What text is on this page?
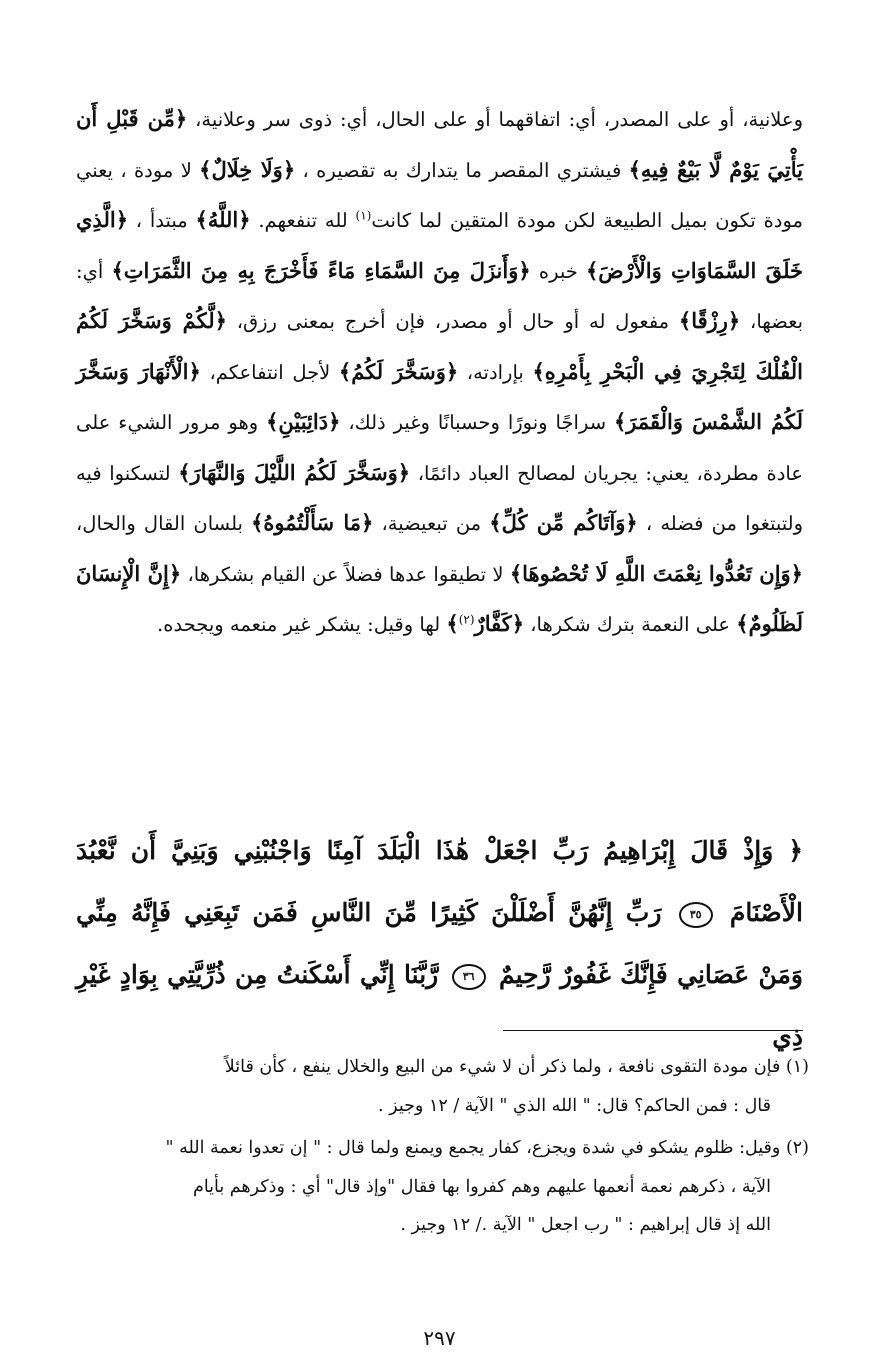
وعلانية، أو على المصدر، أي: اتفاقهما أو على الحال، أي: ذوى سر وعلانية، ﴿مِّن قَبْلِ أَن يَأْتِيَ يَوْمٌ لَّا بَيْعٌ فِيهِ﴾ فيشتري المقصر ما يتدارك به تقصيره ، ﴿وَلَا خِلَالٌ﴾ لا مودة ، يعني مودة تكون بميل الطبيعة لكن مودة المتقين لما كانت$^{(١)}$ لله تنفعهم. ﴿اللَّهُ﴾ مبتدأ ، ﴿الَّذِي خَلَقَ السَّمَاوَاتِ وَالْأَرْضَ﴾ خبره ﴿وَأَنزَلَ مِنَ السَّمَاءِ مَاءً فَأَخْرَجَ بِهِ مِنَ الثَّمَرَاتِ﴾ أي: بعضها، ﴿رِزْقًا﴾ مفعول له أو حال أو مصدر، فإن أخرج بمعنى رزق، ﴿لَّكُمْ وَسَخَّرَ لَكُمُ الْفُلْكَ لِتَجْرِيَ فِي الْبَحْرِ بِأَمْرِهِ﴾ بإرادته، ﴿وَسَخَّرَ لَكُمُ﴾ لأجل انتفاعكم، ﴿الْأَنْهَارَ وَسَخَّرَ لَكُمُ الشَّمْسَ وَالْقَمَرَ﴾ سراجًا ونورًا وحسبانًا وغير ذلك، ﴿دَائِبَيْنِ﴾ وهو مرور الشيء على عادة مطردة، يعني: يجريان لمصالح العباد دائمًا، ﴿وَسَخَّرَ لَكُمُ اللَّيْلَ وَالنَّهَارَ﴾ لتسكنوا فيه ولتبتغوا من فضله ، ﴿وَآتَاكُم مِّن كُلِّ﴾ من تبعيضية، ﴿مَا سَأَلْتُمُوهُ﴾ بلسان القال والحال، ﴿وَإِن تَعُدُّوا نِعْمَتَ اللَّهِ لَا تُحْصُوهَا﴾ لا تطيقوا عدها فضلاً عن القيام بشكرها، ﴿إِنَّ الْإِنسَانَ لَظَلُومٌ﴾ على النعمة بترك شكرها، ﴿كَفَّارٌ$^{(٢)}$﴾ لها وقيل: يشكر غير منعمه ويجحده.
﴿ وَإِذْ قَالَ إِبْرَاهِيمُ رَبِّ اجْعَلْ هَٰذَا الْبَلَدَ آمِنًا وَاجْنُبْنِي وَبَنِيَّ أَن نَّعْبُدَ الْأَصْنَامَ ٣٥ رَبِّ إِنَّهُنَّ أَضْلَلْنَ كَثِيرًا مِّنَ النَّاسِ فَمَن تَبِعَنِي فَإِنَّهُ مِنِّي وَمَنْ عَصَانِي فَإِنَّكَ غَفُورٌ رَّحِيمٌ ٣٦ رَّبَّنَا إِنِّي أَسْكَنتُ مِن ذُرِّيَّتِي بِوَادٍ غَيْرِ ذِي
(١) فإن مودة التقوى نافعة ، ولما ذكر أن لا شيء من البيع والخلال ينفع ، كأن قائلاً
قال : فمن الحاكم؟ قال: " الله الذي " الآية / ١٢ وجيز .
(٢) وقيل: ظلوم يشكو في شدة ويجزع، كفار يجمع ويمنع ولما قال : " إن تعدوا نعمة الله "
الآية ، ذكرهم نعمة أنعمها عليهم وهم كفروا بها فقال "وإذ قال" أي : وذكرهم بأيام
الله إذ قال إبراهيم : " رب اجعل " الآية ./ ١٢ وجيز .
٢٩٧
